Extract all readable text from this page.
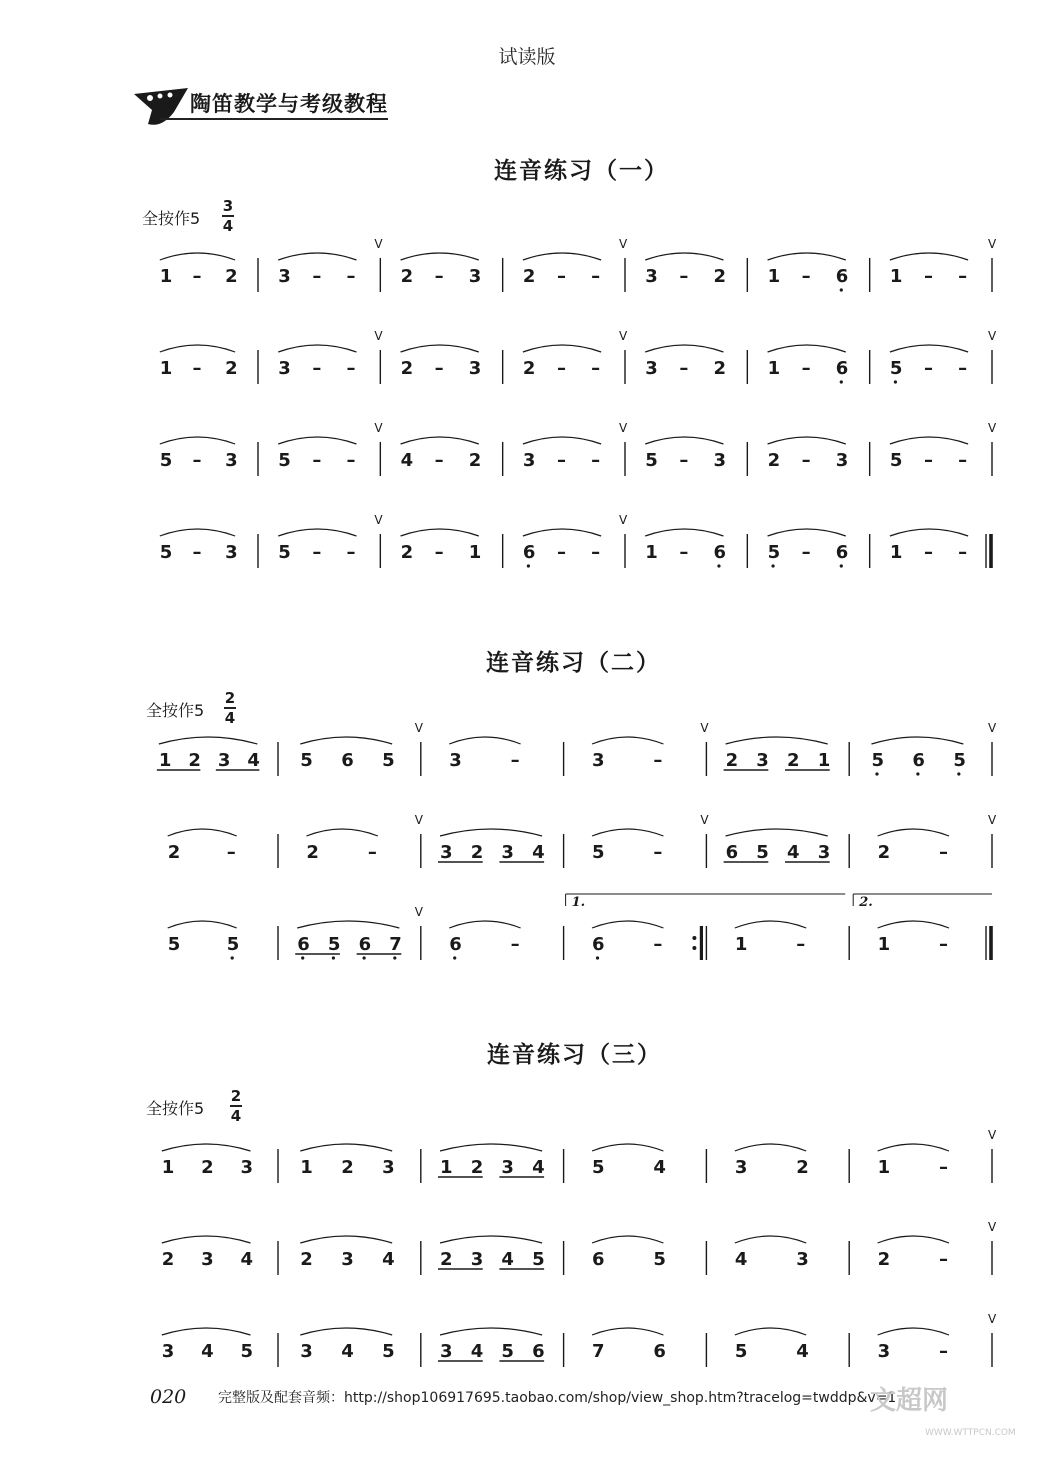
试读版
陶笛教学与考级教程
连音练习（一）
连音练习（二）
连音练习（三）
全按作5
3
4
全按作5
2
4
全按作5
2
4
1 – 2 3 – –	2 – 3
V
2 – –	3 – 2
V
1 – 6 1 – –
V
1 – 2 3 – –	2 – 3
V
2 – –	3 – 2
V
1 – 6 5 – –
V
5 – 3 5 – –	4 – 2
V
3 – –	5 – 3
V
2 – 3 5 – –
V
5 – 3 5 – –	2 – 1
V
6 – –	1 – 6
V
5 – 6 1 – –
1 2 3 4 5 6 5	3	–
V
3	–	2 3 2 1
V
5 6 5
V
2	–	2	–	3 2 3 4
V
5	–	6 5 4 3
V
2	–
V
5	5	6 5 6 7	6	–
V
6	–	1	–	1	–
1.	2.
1 2 3	1 2 3	1 2 3 4	5	4	3	2	1	–
V
2 3 4	2 3 4	2 3 4 5	6	5	4	3	2	–
V
3 4 5	3 4 5	3 4 5 6	7	6	5	4	3	–
V
020 完整版及配套音频：http://shop106917695.taobao.com/shop/view_shop.htm?tracelog=twddp&v=1
文超网
WWW.WTTPCN.COM
